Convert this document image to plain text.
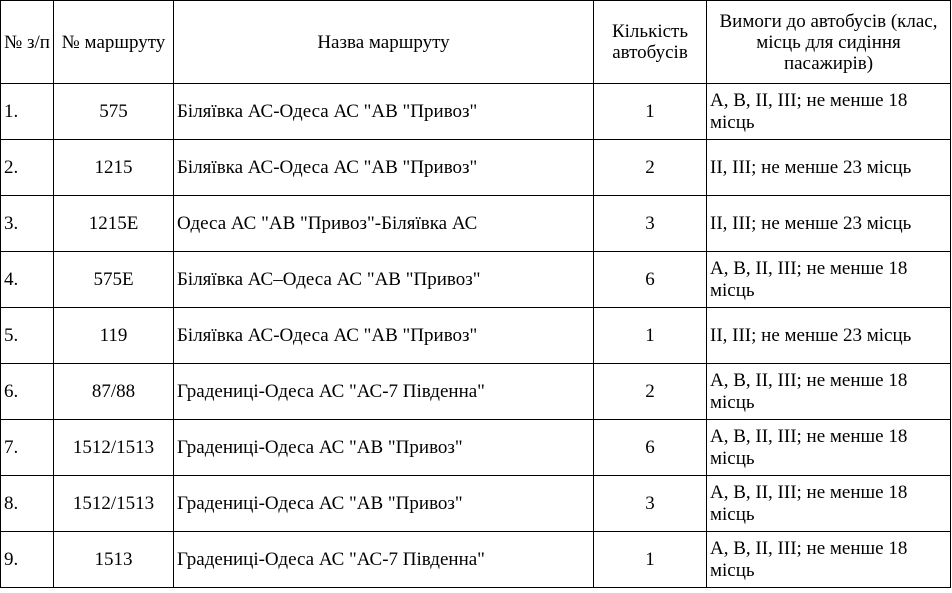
№ з/п	№ маршруту	Назва маршруту	Кількість автобусів	Вимоги до автобусів (клас, місць для сидіння пасажирів)
1.	575	Біляївка АС-Одеса АС "АВ "Привоз"	1	А, В, ІІ, ІІІ; не менше 18 місць
2.	1215	Біляївка АС-Одеса АС "АВ "Привоз"	2	ІІ, ІІІ; не менше 23 місць
3.	1215Е	Одеса АС "АВ "Привоз"-Біляївка АС	3	ІІ, ІІІ; не менше 23 місць
4.	575Е	Біляївка АС–Одеса АС "АВ "Привоз"	6	А, В, ІІ, ІІІ; не менше 18 місць
5.	119	Біляївка АС-Одеса АС "АВ "Привоз"	1	ІІ, ІІІ; не менше 23 місць
6.	87/88	Градениці-Одеса АС "АС-7 Південна"	2	А, В, ІІ, ІІІ; не менше 18 місць
7.	1512/1513	Градениці-Одеса АС "АВ "Привоз"	6	А, В, ІІ, ІІІ; не менше 18 місць
8.	1512/1513	Градениці-Одеса АС "АВ "Привоз"	3	А, В, ІІ, ІІІ; не менше 18 місць
9.	1513	Градениці-Одеса АС "АС-7 Південна"	1	А, В, ІІ, ІІІ; не менше 18 місць
